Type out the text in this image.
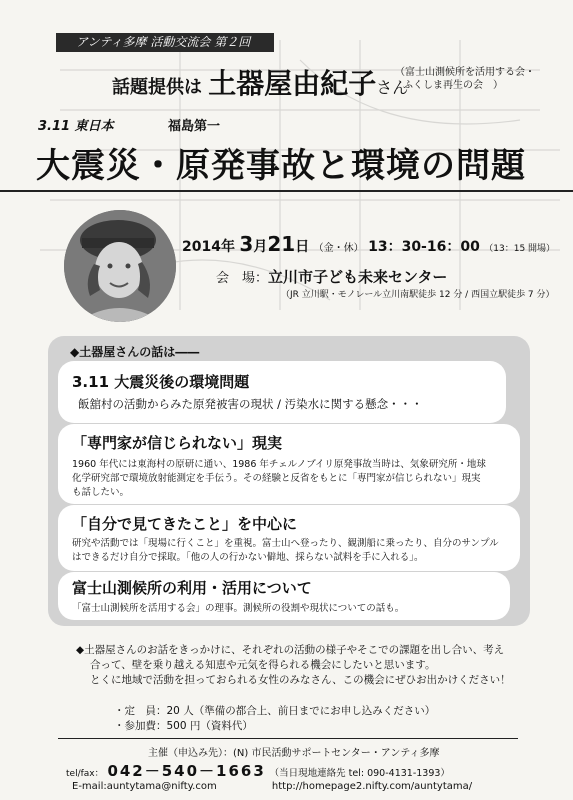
アンティ多摩 活動交流会 第２回
話題提供は 土器屋由紀子さん
（富士山測候所を活用する会・
ふくしま再生の会　）
3.11 東日本	福島第一
大震災・原発事故と環境の問題
2014年 3月21日 （金・休） 13：30-16：00 （13：15 開場）
会　場：立川市子ども未来センター
（JR 立川駅・モノレール立川南駅徒歩 12 分 / 西国立駅徒歩 7 分）
◆土器屋さんの話は――
3.11 大震災後の環境問題
飯舘村の活動からみた原発被害の現状 / 汚染水に関する懸念・・・
「専門家が信じられない」現実
1960 年代には東海村の原研に通い、1986 年チェルノブイリ原発事故当時は、気象研究所・地球
化学研究部で環境放射能測定を手伝う。その経験と反省をもとに「専門家が信じられない」現実
も話したい。
「自分で見てきたこと」を中心に
研究や活動では「現場に行くこと」を重視。富士山へ登ったり、観測船に乗ったり、自分のサンプル
はできるだけ自分で採取。「他の人の行かない僻地、採らない試料を手に入れる」。
富士山測候所の利用・活用について
「富士山測候所を活用する会」の理事。測候所の役割や現状についての話も。
◆土器屋さんのお話をきっかけに、それぞれの活動の様子やそこでの課題を出し合い、考え
合って、壁を乗り越える知恵や元気を得られる機会にしたいと思います。
とくに地域で活動を担っておられる女性のみなさん、この機会にぜひお出かけください！
・定　員：20 人（準備の都合上、前日までにお申し込みください）
・参加費：500 円（資料代）
主催（申込み先）：(N) 市民活動サポートセンター・アンティ多摩
tel/fax： 042－540－1663 （当日現地連絡先 tel: 090-4131-1393）
E-mail:auntytama@nifty.com	http://homepage2.nifty.com/auntytama/
